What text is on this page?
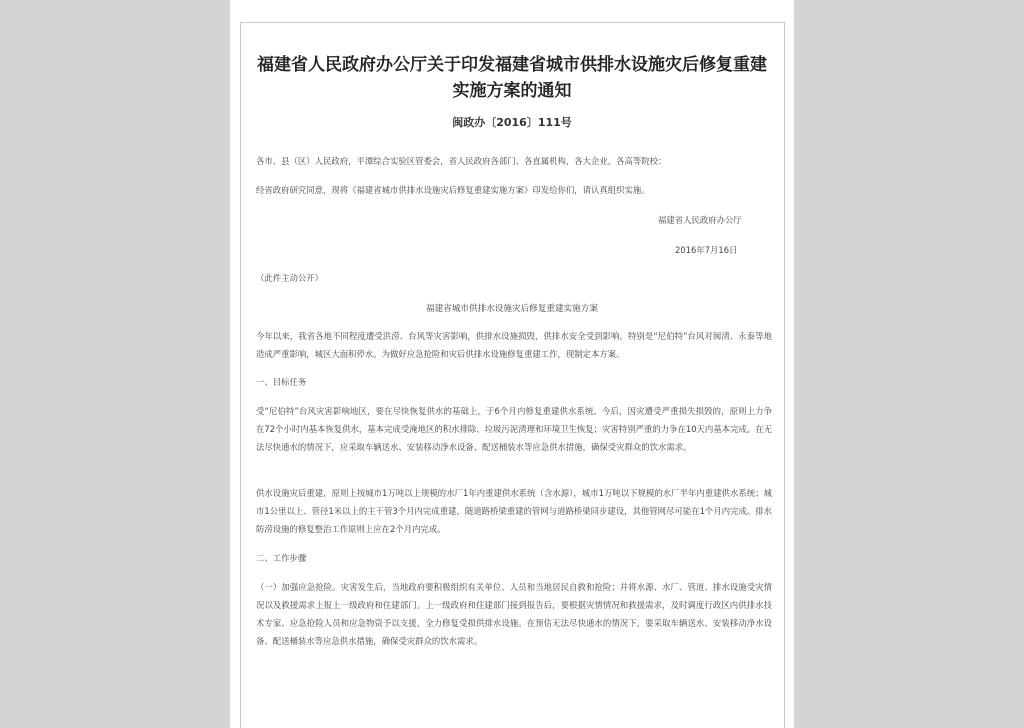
福建省人民政府办公厅关于印发福建省城市供排水设施灾后修复重建实施方案的通知
闽政办〔2016〕111号

各市、县（区）人民政府，平潭综合实验区管委会，省人民政府各部门、各直属机构，各大企业，各高等院校：

经省政府研究同意，现将《福建省城市供排水设施灾后修复重建实施方案》印发给你们，请认真组织实施。

福建省人民政府办公厅
2016年7月16日

（此件主动公开）

福建省城市供排水设施灾后修复重建实施方案

今年以来，我省各地不同程度遭受洪涝、台风等灾害影响，供排水设施损毁，供排水安全受到影响。特别是“尼伯特”台风对闽清、永泰等地造成严重影响，城区大面积停水。为做好应急抢险和灾后供排水设施修复重建工作，现制定本方案。

一、目标任务

受“尼伯特”台风灾害影响地区，要在尽快恢复供水的基础上，于6个月内修复重建供水系统。今后，因灾遭受严重损失损毁的，原则上力争在72个小时内基本恢复供水，基本完成受淹地区的积水排除、垃圾污泥清理和环境卫生恢复；灾害特别严重的力争在10天内基本完成。在无法尽快通水的情况下，应采取车辆送水、安装移动净水设备、配送桶装水等应急供水措施，确保受灾群众的饮水需求。

供水设施灾后重建，原则上按城市1万吨以上规模的水厂1年内重建供水系统（含水源），城市1万吨以下规模的水厂半年内重建供水系统；城市1公里以上、管径1米以上的主干管3个月内完成重建，随道路桥梁重建的管网与道路桥梁同步建设，其他管网尽可能在1个月内完成。排水防涝设施的修复整治工作原则上应在2个月内完成。

二、工作步骤

（一）加强应急抢险。灾害发生后，当地政府要积极组织有关单位、人员和当地居民自救和抢险；并将水源、水厂、管道、排水设施受灾情况以及救援需求上报上一级政府和住建部门。上一级政府和住建部门接到报告后，要根据灾情情况和救援需求，及时调度行政区内供排水技术专家、应急抢险人员和应急物资予以支援，全力修复受损供排水设施。在预估无法尽快通水的情况下，要采取车辆送水、安装移动净水设备、配送桶装水等应急供水措施，确保受灾群众的饮水需求。
